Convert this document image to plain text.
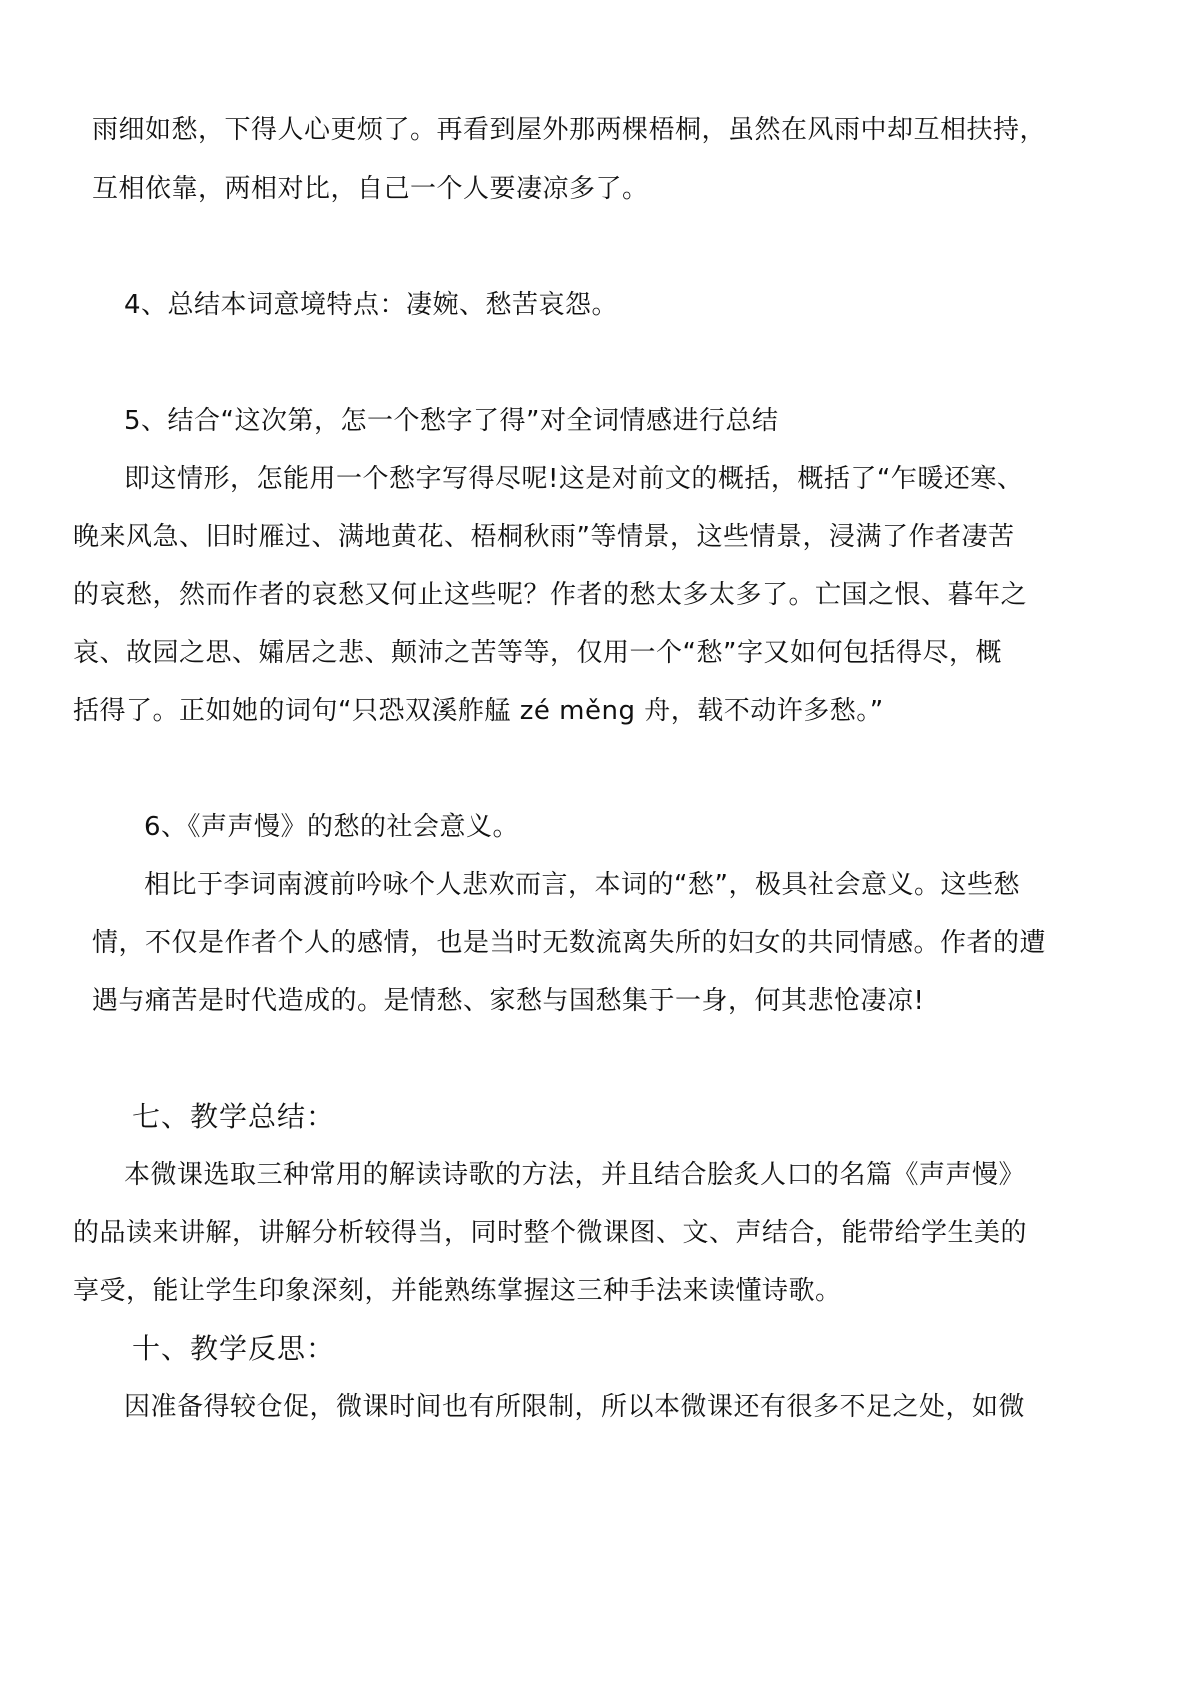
雨细如愁，下得人心更烦了。再看到屋外那两棵梧桐，虽然在风雨中却互相扶持，
互相依靠，两相对比，自己一个人要凄凉多了。
4、总结本词意境特点：凄婉、愁苦哀怨。
5、结合“这次第，怎一个愁字了得”对全词情感进行总结
即这情形，怎能用一个愁字写得尽呢!这是对前文的概括，概括了“乍暖还寒、
晚来风急、旧时雁过、满地黄花、梧桐秋雨”等情景，这些情景，浸满了作者凄苦
的哀愁，然而作者的哀愁又何止这些呢？作者的愁太多太多了。亡国之恨、暮年之
哀、故园之思、孀居之悲、颠沛之苦等等，仅用一个“愁”字又如何包括得尽，概
括得了。正如她的词句“只恐双溪舴艋 zé měng 舟，载不动许多愁。”
6、《声声慢》的愁的社会意义。
相比于李词南渡前吟咏个人悲欢而言，本词的“愁”，极具社会意义。这些愁
情，不仅是作者个人的感情，也是当时无数流离失所的妇女的共同情感。作者的遭
遇与痛苦是时代造成的。是情愁、家愁与国愁集于一身，何其悲怆凄凉!
七、教学总结：
本微课选取三种常用的解读诗歌的方法，并且结合脍炙人口的名篇《声声慢》
的品读来讲解，讲解分析较得当，同时整个微课图、文、声结合，能带给学生美的
享受，能让学生印象深刻，并能熟练掌握这三种手法来读懂诗歌。
十、教学反思：
因准备得较仓促，微课时间也有所限制，所以本微课还有很多不足之处，如微
